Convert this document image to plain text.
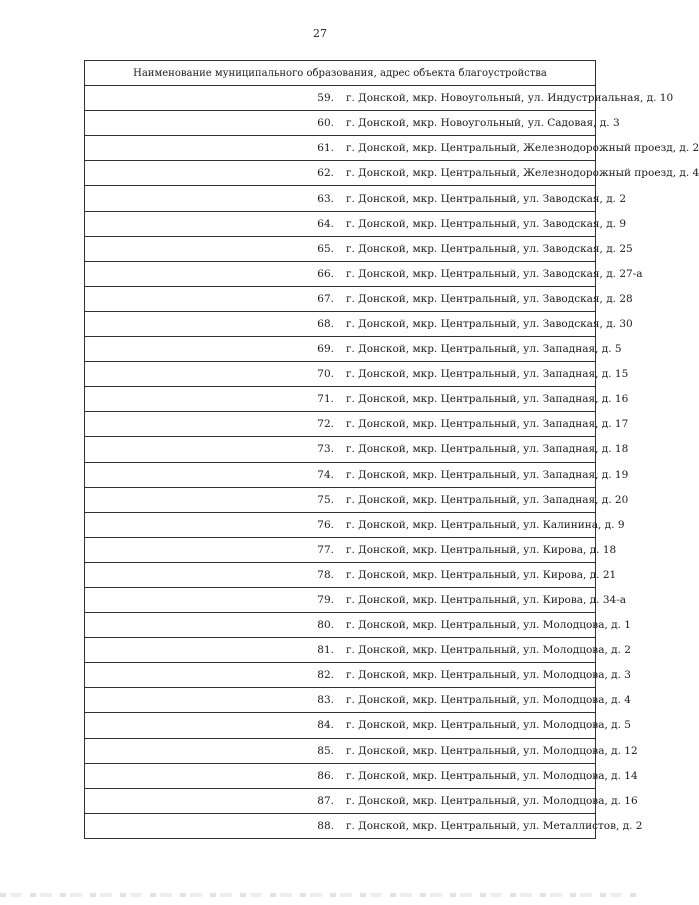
27
Наименование муниципального образования, адрес объекта благоустройства	
59.	г. Донской, мкр. Новоугольный, ул. Индустриальная, д. 10
60.	г. Донской, мкр. Новоугольный, ул. Садовая, д. 3
61.	г. Донской, мкр. Центральный, Железнодорожный проезд, д. 2
62.	г. Донской, мкр. Центральный, Железнодорожный проезд, д. 4
63.	г. Донской, мкр. Центральный, ул. Заводская, д. 2
64.	г. Донской, мкр. Центральный, ул. Заводская, д. 9
65.	г. Донской, мкр. Центральный, ул. Заводская, д. 25
66.	г. Донской, мкр. Центральный, ул. Заводская, д. 27-а
67.	г. Донской, мкр. Центральный, ул. Заводская, д. 28
68.	г. Донской, мкр. Центральный, ул. Заводская, д. 30
69.	г. Донской, мкр. Центральный, ул. Западная, д. 5
70.	г. Донской, мкр. Центральный, ул. Западная, д. 15
71.	г. Донской, мкр. Центральный, ул. Западная, д. 16
72.	г. Донской, мкр. Центральный, ул. Западная, д. 17
73.	г. Донской, мкр. Центральный, ул. Западная, д. 18
74.	г. Донской, мкр. Центральный, ул. Западная, д. 19
75.	г. Донской, мкр. Центральный, ул. Западная, д. 20
76.	г. Донской, мкр. Центральный, ул. Калинина, д. 9
77.	г. Донской, мкр. Центральный, ул. Кирова, д. 18
78.	г. Донской, мкр. Центральный, ул. Кирова, д. 21
79.	г. Донской, мкр. Центральный, ул. Кирова, д. 34-а
80.	г. Донской, мкр. Центральный, ул. Молодцова, д. 1
81.	г. Донской, мкр. Центральный, ул. Молодцова, д. 2
82.	г. Донской, мкр. Центральный, ул. Молодцова, д. 3
83.	г. Донской, мкр. Центральный, ул. Молодцова, д. 4
84.	г. Донской, мкр. Центральный, ул. Молодцова, д. 5
85.	г. Донской, мкр. Центральный, ул. Молодцова, д. 12
86.	г. Донской, мкр. Центральный, ул. Молодцова, д. 14
87.	г. Донской, мкр. Центральный, ул. Молодцова, д. 16
88.	г. Донской, мкр. Центральный, ул. Металлистов, д. 2
